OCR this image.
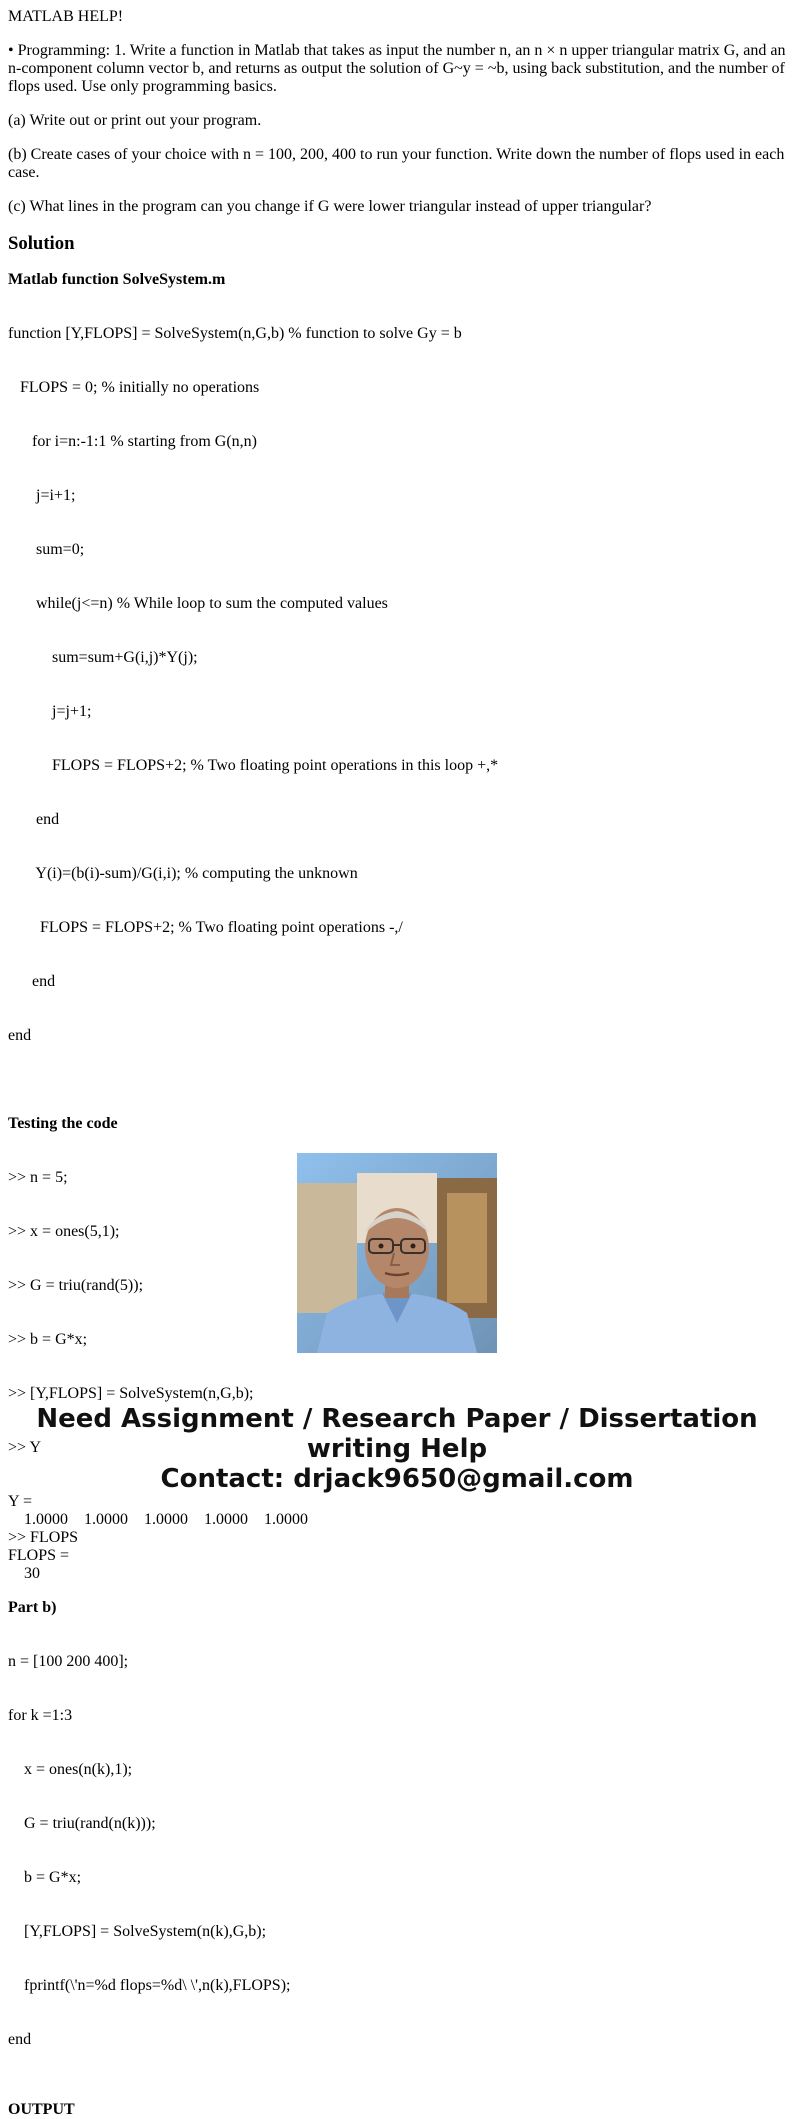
MATLAB HELP!

• Programming: 1. Write a function in Matlab that takes as input the number n, an n × n upper triangular matrix G, and an n-component column vector b, and returns as output the solution of G~y = ~b, using back substitution, and the number of flops used. Use only programming basics.

(a) Write out or print out your program.

(b) Create cases of your choice with n = 100, 200, 400 to run your function. Write down the number of flops used in each case.

(c) What lines in the program can you change if G were lower triangular instead of upper triangular?

Solution
Matlab function SolveSystem.m

function [Y,FLOPS] = SolveSystem(n,G,b) % function to solve Gy = b

FLOPS = 0; % initially no operations

for i=n:-1:1 % starting from G(n,n)

j=i+1;

sum=0;

while(j<=n) % While loop to sum the computed values

sum=sum+G(i,j)*Y(j);

j=j+1;

FLOPS = FLOPS+2; % Two floating point operations in this loop +,*

end

Y(i)=(b(i)-sum)/G(i,i); % computing the unknown

FLOPS = FLOPS+2; % Two floating point operations -,/

end

end

Testing the code

>> n = 5;

>> x = ones(5,1);

>> G = triu(rand(5));

>> b = G*x;

>> [Y,FLOPS] = SolveSystem(n,G,b);

>> Y

Y =
1.0000    1.0000    1.0000    1.0000    1.0000
>> FLOPS
FLOPS =
30
Part b)

n = [100 200 400];

for k =1:3

x = ones(n(k),1);

G = triu(rand(n(k)));

b = G*x;

[Y,FLOPS] = SolveSystem(n(k),G,b);

fprintf(\'n=%d flops=%d\ \',n(k),FLOPS);

end

OUTPUT
Need Assignment / Research Paper / Dissertation
writing Help
Contact: drjack9650@gmail.com
